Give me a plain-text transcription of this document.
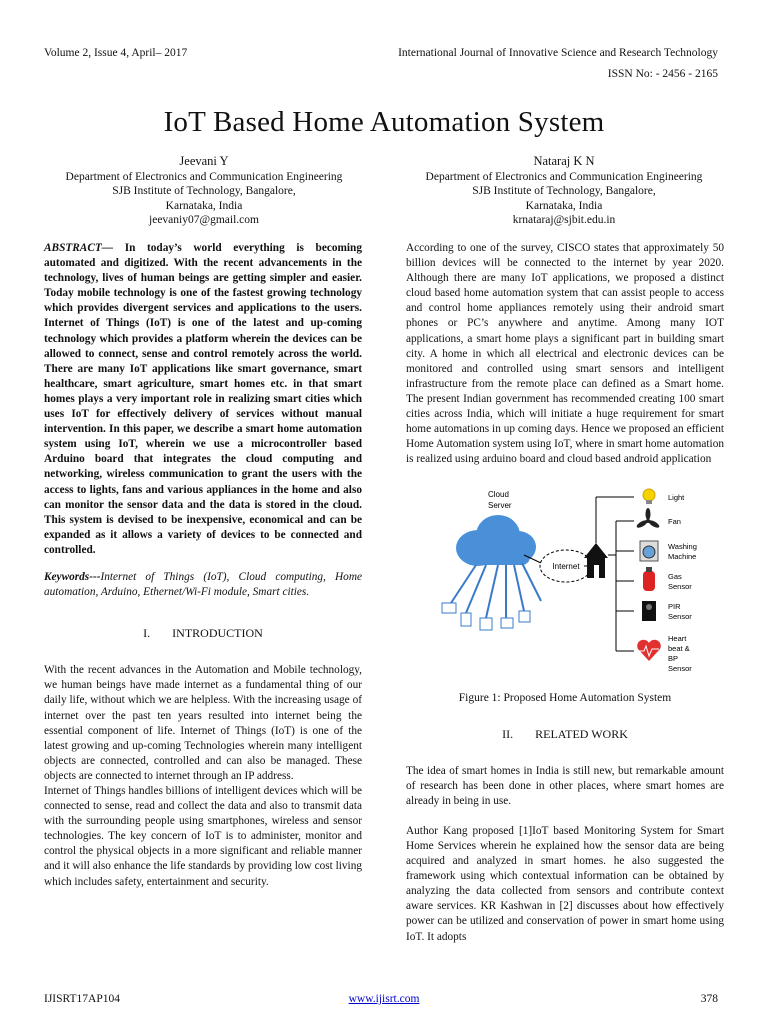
Volume 2, Issue 4, April– 2017	International Journal of Innovative Science and Research Technology
ISSN No: - 2456 - 2165
IoT Based Home Automation System
Jeevani Y
Department of Electronics and Communication Engineering
SJB Institute of Technology, Bangalore,
Karnataka, India
jeevaniy07@gmail.com
Nataraj K N
Department of Electronics and Communication Engineering
SJB Institute of Technology, Bangalore,
Karnataka, India
krnataraj@sjbit.edu.in

ABSTRACT— In today’s world everything is becoming automated and digitized. With the recent advancements in the technology, lives of human beings are getting simpler and easier. Today mobile technology is one of the fastest growing technology which provides divergent services and applications to the users. Internet of Things (IoT) is one of the latest and up-coming technology which provides a platform wherein the devices can be allowed to connect, sense and control remotely across the world. There are many IoT applications like smart governance, smart healthcare, smart agriculture, smart homes etc. in that smart homes plays a very important role in realizing smart cities which uses IoT for effectively delivery of services without manual intervention. In this paper, we describe a smart home automation system using IoT, wherein we use a microcontroller based Arduino board that integrates the cloud computing and networking, wireless communication to grant the users with the access to lights, fans and various appliances in the home and also can monitor the sensor data and the data is stored in the cloud. This system is devised to be inexpensive, economical and can be expanded as it allows a variety of devices to be connected and controlled.

Keywords---Internet of Things (IoT), Cloud computing, Home automation, Arduino, Ethernet/Wi-Fi module, Smart cities.

I. INTRODUCTION

With the recent advances in the Automation and Mobile technology, we human beings have made internet as a fundamental thing of our daily life, without which we are helpless. With the increasing usage of internet over the past ten years resulted into internet being the essential component of life. Internet of Things (IoT) is one of the latest growing and up-coming Technologies wherein many intelligent objects are connected, controlled and can also be managed. These objects are connected to internet through an IP address.

Internet of Things handles billions of intelligent devices which will be connected to sense, read and collect the data and also to transmit data with the surrounding people using smartphones, wireless and sensor technologies. The key concern of IoT is to administer, monitor and control the physical objects in a more significant and reliable manner and it will also enhance the life standards by providing low cost living which includes safety, entertainment and security.

According to one of the survey, CISCO states that approximately 50 billion devices will be connected to the internet by year 2020. Although there are many IoT applications, we proposed a distinct cloud based home automation system that can assist people to access and control home appliances remotely using their android smart phones or PC’s anywhere and anytime. Among many IOT applications, a smart home plays a significant part in building smart city. A home in which all electrical and electronic devices can be monitored and controlled using smart sensors and intelligent infrastructure from the remote place can defined as a Smart home. The present Indian government has recommended creating 100 smart cities across India, which will initiate a huge requirement for smart home automations in up coming days. Hence we proposed an efficient Home Automation system using IoT, where in smart home automation is realized using arduino board and cloud based android application

Cloud
Server
Internet
Light
Fan
Washing
Machine
Gas
Sensor
PIR
Sensor
Heart
beat &
BP
Sensor

Figure 1: Proposed Home Automation System

II. RELATED WORK

The idea of smart homes in India is still new, but remarkable amount of research has been done in other places, where smart homes are already in being in use.

Author Kang proposed [1]IoT based Monitoring System for Smart Home Services wherein he explained how the sensor data are being acquired and analyzed in smart homes. he also suggested the framework using which contextual information can be obtained by analyzing the data collected from sensors and contribute context aware services. KR Kashwan in [2] discusses about how effectively power can be utilized and conservation of power in smart home using IoT. It adopts

IJISRT17AP104	www.ijisrt.com	378
